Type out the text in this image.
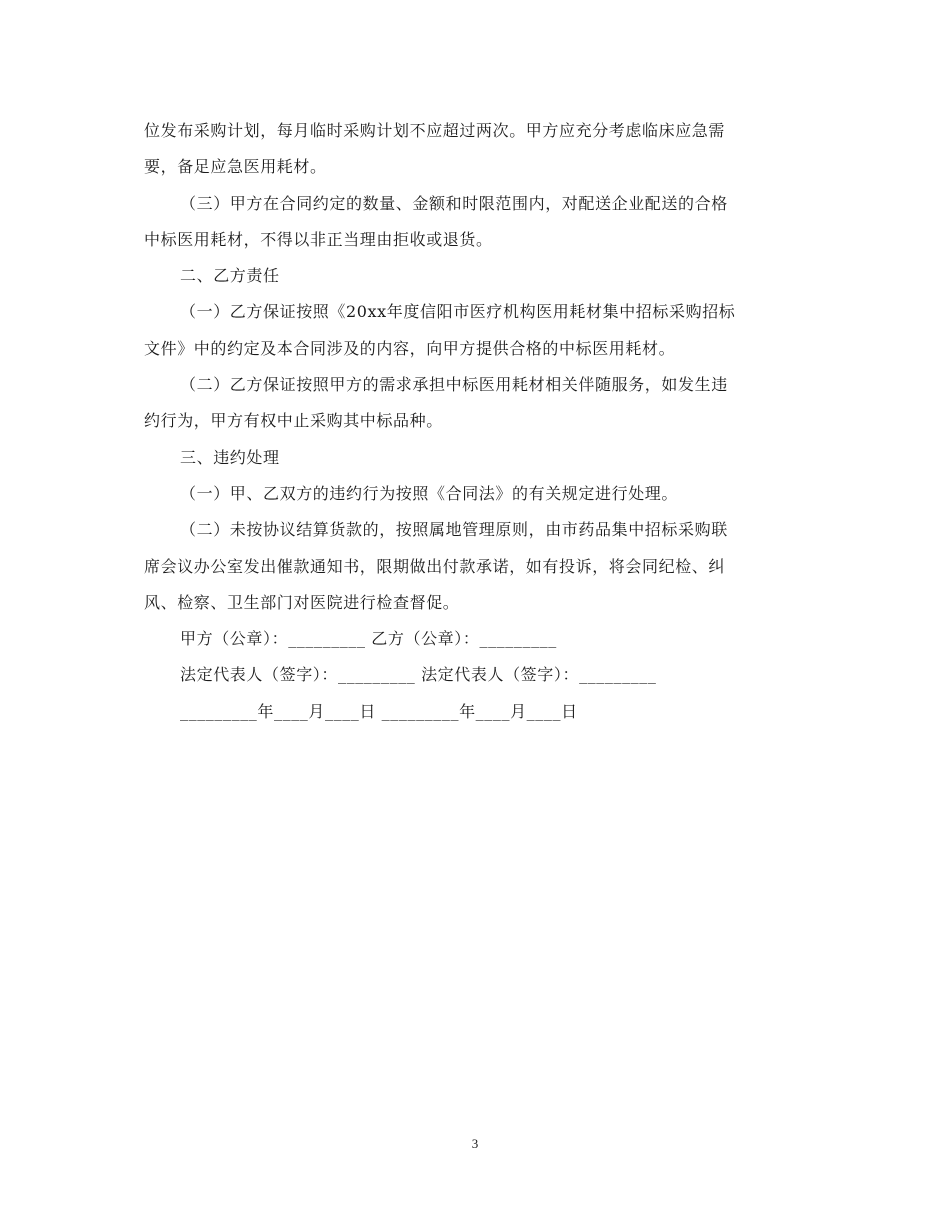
位发布采购计划，每月临时采购计划不应超过两次。甲方应充分考虑临床应急需
要，备足应急医用耗材。
（三）甲方在合同约定的数量、金额和时限范围内，对配送企业配送的合格
中标医用耗材，不得以非正当理由拒收或退货。
二、乙方责任
（一）乙方保证按照《20xx年度信阳市医疗机构医用耗材集中招标采购招标
文件》中的约定及本合同涉及的内容，向甲方提供合格的中标医用耗材。
（二）乙方保证按照甲方的需求承担中标医用耗材相关伴随服务，如发生违
约行为，甲方有权中止采购其中标品种。
三、违约处理
（一）甲、乙双方的违约行为按照《合同法》的有关规定进行处理。
（二）未按协议结算货款的，按照属地管理原则，由市药品集中招标采购联
席会议办公室发出催款通知书，限期做出付款承诺，如有投诉，将会同纪检、纠
风、检察、卫生部门对医院进行检查督促。
甲方（公章）：_________ 乙方（公章）：_________
法定代表人（签字）：_________ 法定代表人（签字）：_________
_________年____月____日 _________年____月____日
3
